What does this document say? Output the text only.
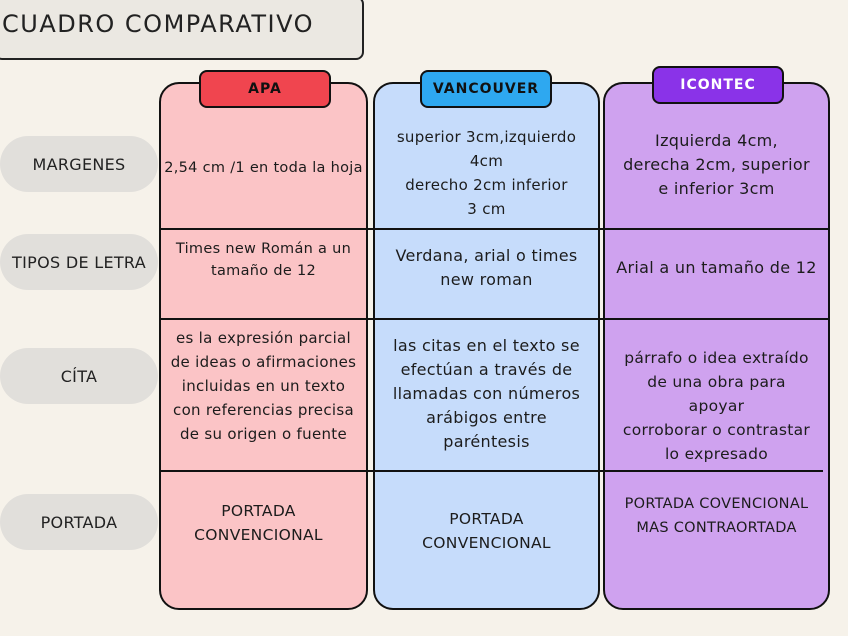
CUADRO COMPARATIVO
APA	VANCOUVER	ICONTEC
MARGENES
TIPOS DE LETRA
CÍTA
PORTADA
2,54 cm /1 en toda la hoja
superior 3cm,izquierdo
4cm
derecho 2cm inferior
3 cm
Izquierda 4cm,
derecha 2cm, superior
e inferior 3cm
Times new Román a un
tamaño de 12
Verdana, arial o times
new roman
Arial a un tamaño de 12
es la expresión parcial
de ideas o afirmaciones
incluidas en un texto
con referencias precisa
de su origen o fuente
las citas en el texto se
efectúan a través de
llamadas con números
arábigos entre
paréntesis
párrafo o idea extraído
de una obra para
apoyar
corroborar o contrastar
lo expresado
PORTADA
CONVENCIONAL
PORTADA
CONVENCIONAL
PORTADA COVENCIONAL
MAS CONTRAORTADA
